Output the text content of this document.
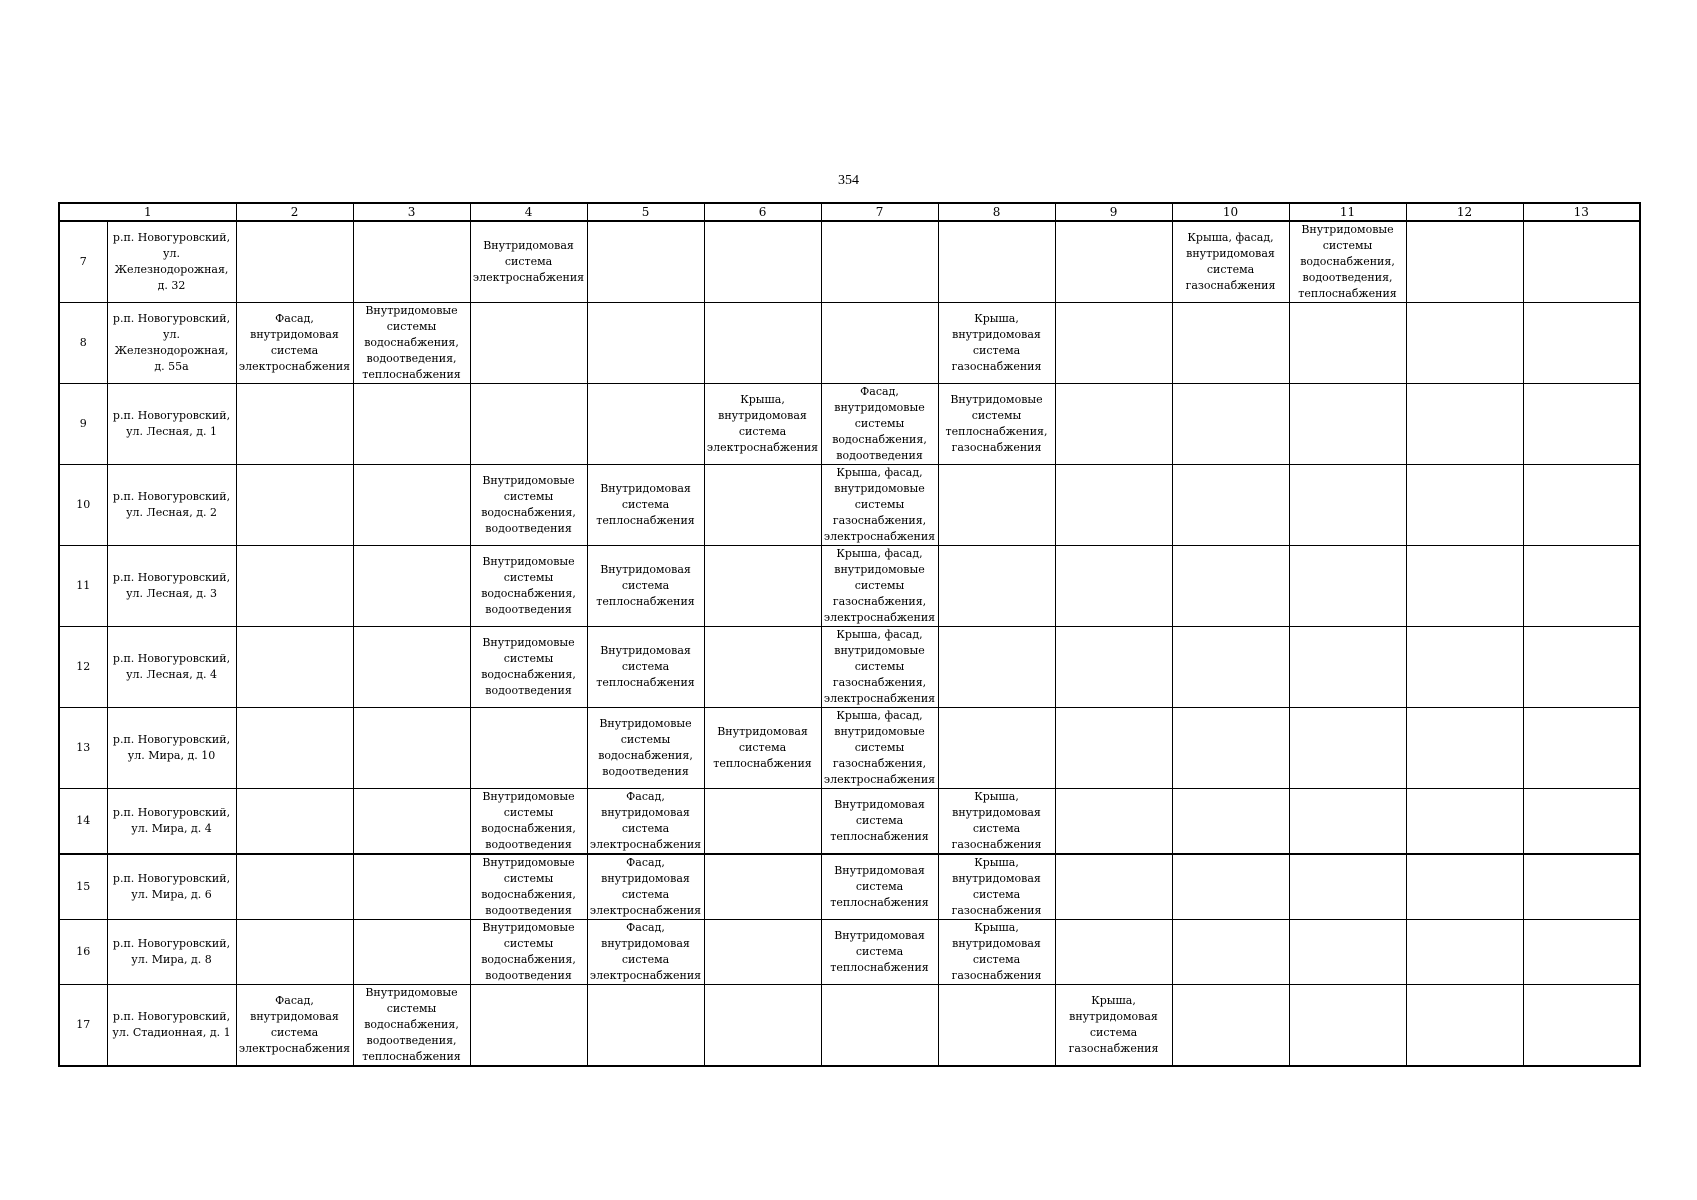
354
1		2	3	4	5	6	7	8	9	10	11	12	13
7	р.п. Новогуровский, ул. Железнодорожная, д. 32			Внутридомовая система электроснабжения						Крыша, фасад, внутридомовая система газоснабжения	Внутридомовые системы водоснабжения, водоотведения, теплоснабжения		
8	р.п. Новогуровский, ул. Железнодорожная, д. 55а	Фасад, внутридомовая система электроснабжения	Внутридомовые системы водоснабжения, водоотведения, теплоснабжения					Крыша, внутридомовая система газоснабжения					
9	р.п. Новогуровский, ул. Лесная, д. 1					Крыша, внутридомовая система электроснабжения	Фасад, внутридомовые системы водоснабжения, водоотведения	Внутридомовые системы теплоснабжения, газоснабжения					
10	р.п. Новогуровский, ул. Лесная, д. 2			Внутридомовые системы водоснабжения, водоотведения	Внутридомовая система теплоснабжения		Крыша, фасад, внутридомовые системы газоснабжения, электроснабжения						
11	р.п. Новогуровский, ул. Лесная, д. 3			Внутридомовые системы водоснабжения, водоотведения	Внутридомовая система теплоснабжения		Крыша, фасад, внутридомовые системы газоснабжения, электроснабжения						
12	р.п. Новогуровский, ул. Лесная, д. 4			Внутридомовые системы водоснабжения, водоотведения	Внутридомовая система теплоснабжения		Крыша, фасад, внутридомовые системы газоснабжения, электроснабжения						
13	р.п. Новогуровский, ул. Мира, д. 10				Внутридомовые системы водоснабжения, водоотведения	Внутридомовая система теплоснабжения	Крыша, фасад, внутридомовые системы газоснабжения, электроснабжения						
14	р.п. Новогуровский, ул. Мира, д. 4			Внутридомовые системы водоснабжения, водоотведения	Фасад, внутридомовая система электроснабжения		Внутридомовая система теплоснабжения	Крыша, внутридомовая система газоснабжения					
15	р.п. Новогуровский, ул. Мира, д. 6			Внутридомовые системы водоснабжения, водоотведения	Фасад, внутридомовая система электроснабжения		Внутридомовая система теплоснабжения	Крыша, внутридомовая система газоснабжения					
16	р.п. Новогуровский, ул. Мира, д. 8			Внутридомовые системы водоснабжения, водоотведения	Фасад, внутридомовая система электроснабжения		Внутридомовая система теплоснабжения	Крыша, внутридомовая система газоснабжения					
17	р.п. Новогуровский, ул. Стадионная, д. 1	Фасад, внутридомовая система электроснабжения	Внутридомовые системы водоснабжения, водоотведения, теплоснабжения						Крыша, внутридомовая система газоснабжения				
